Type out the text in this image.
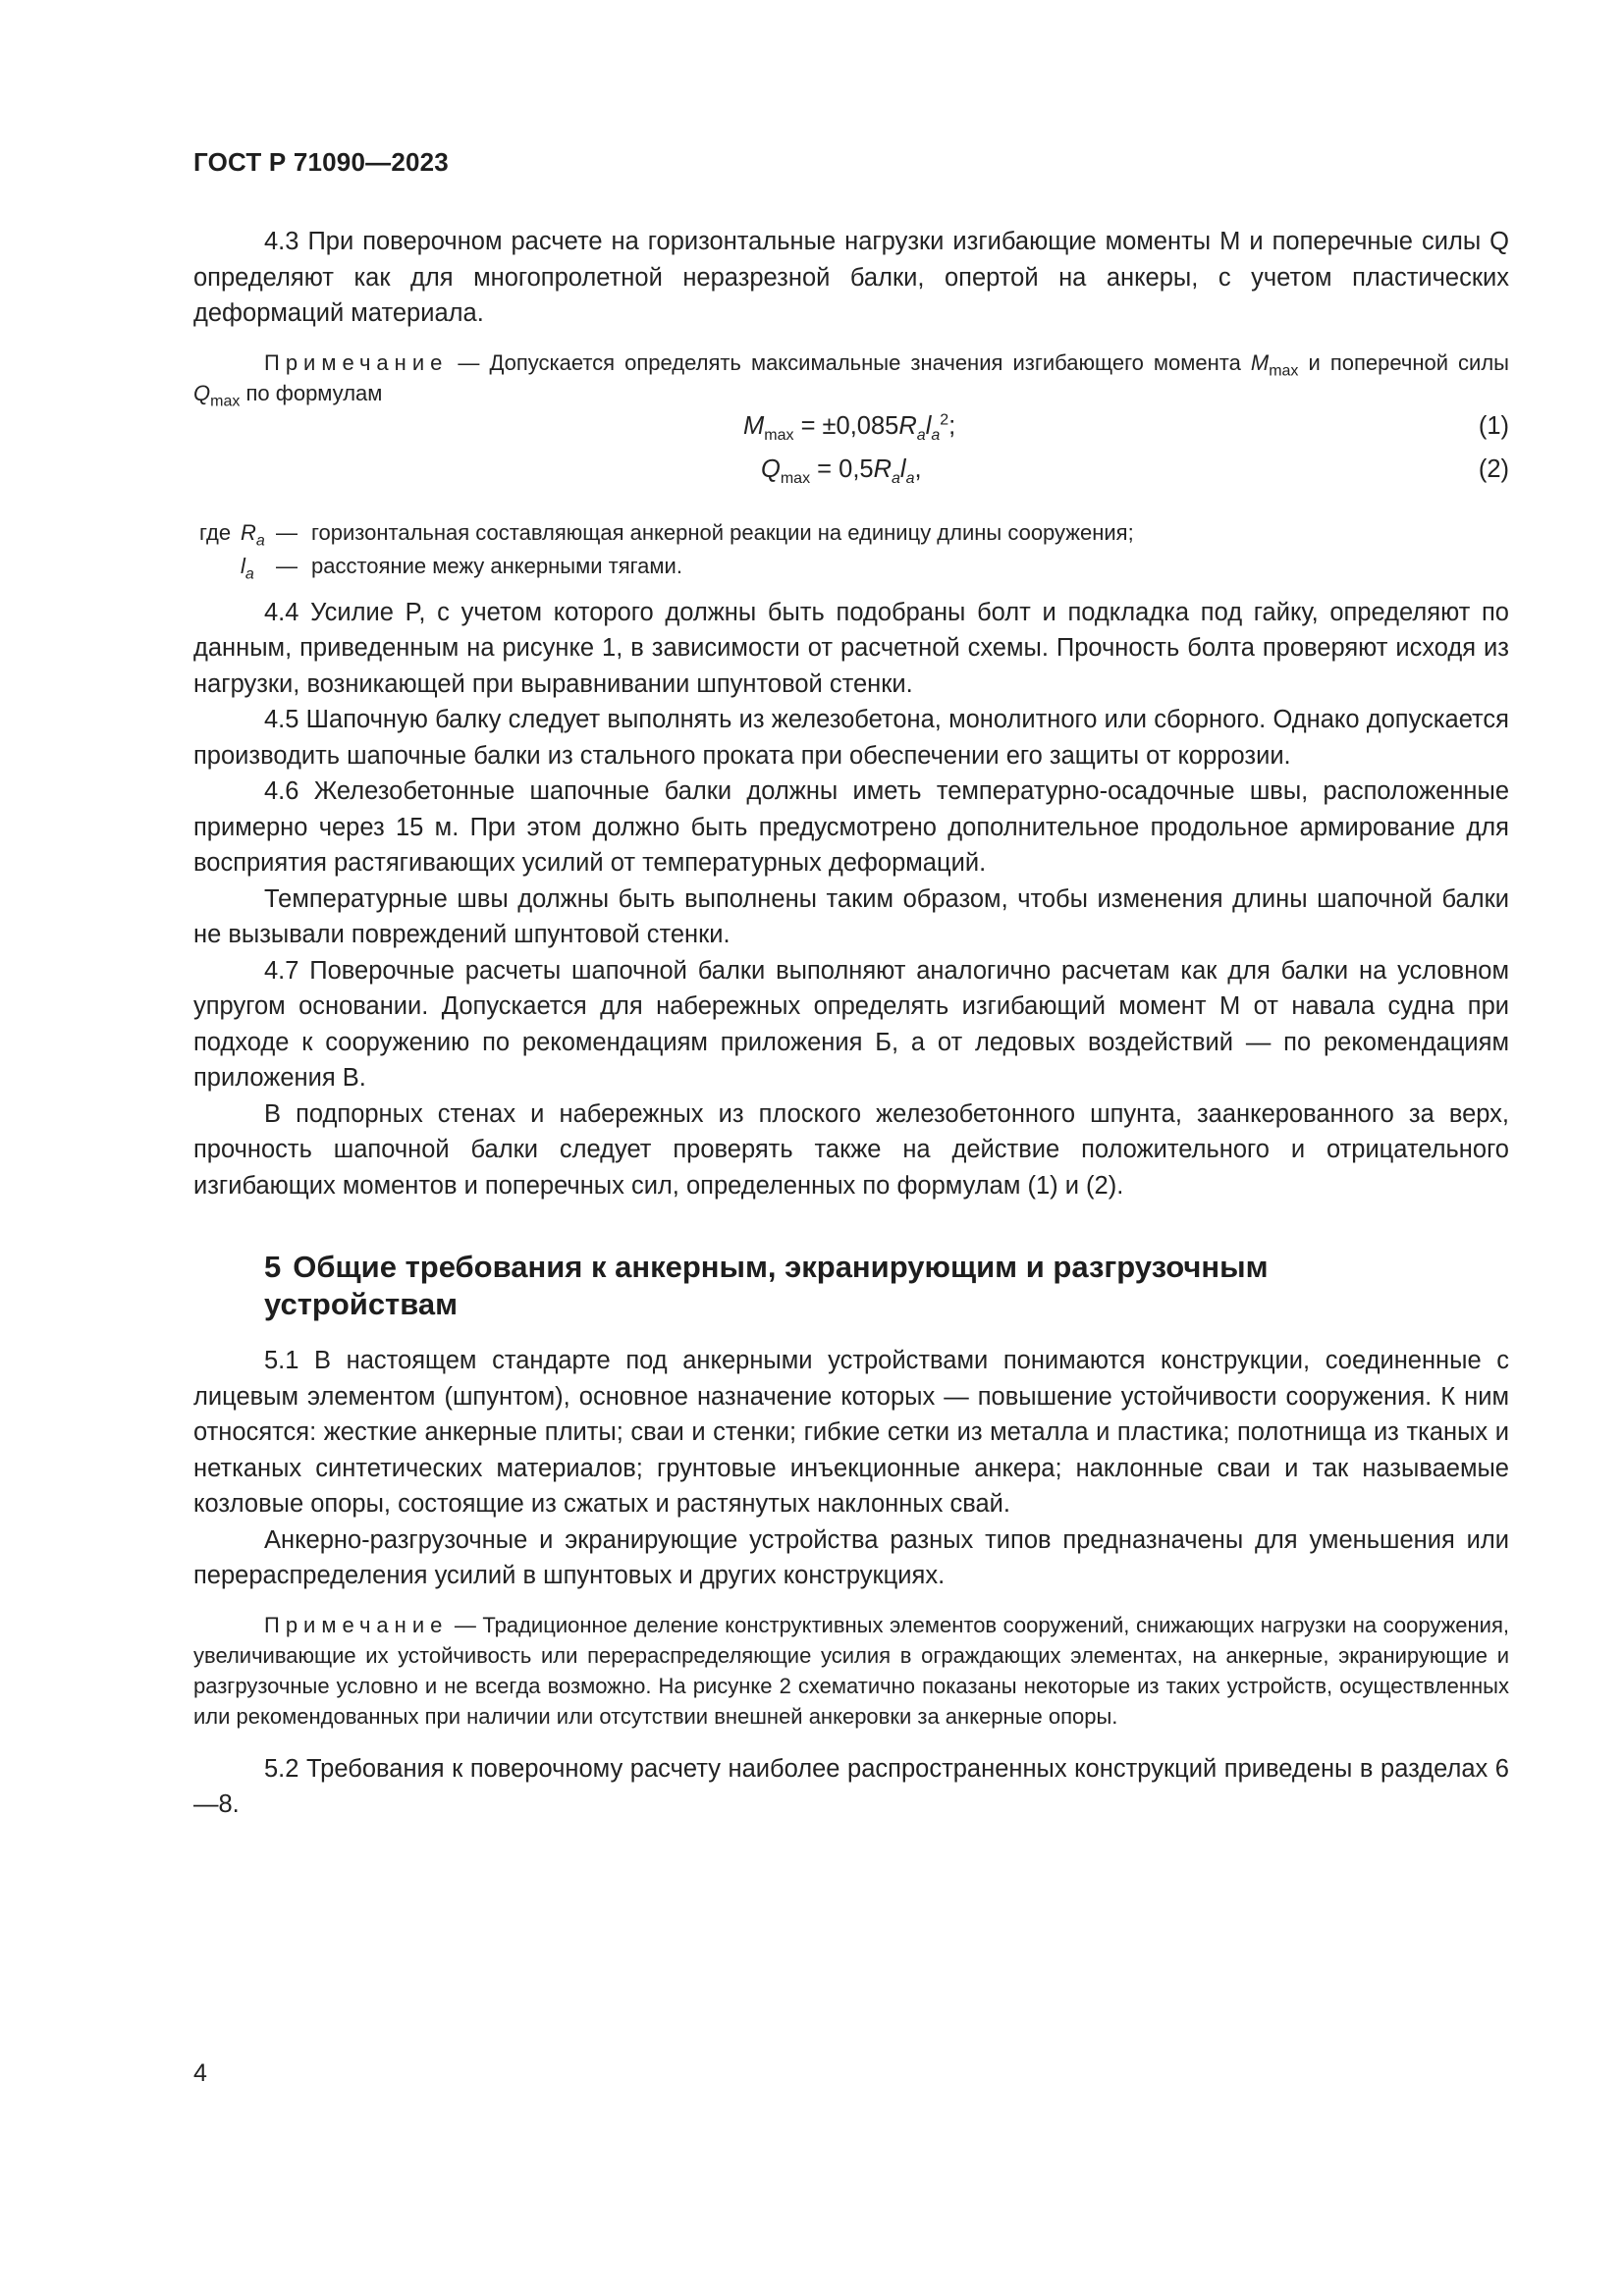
ГОСТ Р 71090—2023

4.3 При поверочном расчете на горизонтальные нагрузки изгибающие моменты M и поперечные силы Q определяют как для многопролетной неразрезной балки, опертой на анкеры, с учетом пластических деформаций материала.

Примечание — Допускается определять максимальные значения изгибающего момента $M_{max}$ и поперечной силы $Q_{max}$ по формулам

$M_{max} = \pm 0,085R_al_a^2$;	(1)
$Q_{max} = 0,5R_al_a$,	(2)
где $R_a$ — горизонтальная составляющая анкерной реакции на единицу длины сооружения;
$l_a$	— расстояние межу анкерными тягами.

4.4 Усилие P, с учетом которого должны быть подобраны болт и подкладка под гайку, определяют по данным, приведенным на рисунке 1, в зависимости от расчетной схемы. Прочность болта проверяют исходя из нагрузки, возникающей при выравнивании шпунтовой стенки.

4.5 Шапочную балку следует выполнять из железобетона, монолитного или сборного. Однако допускается производить шапочные балки из стального проката при обеспечении его защиты от коррозии.

4.6 Железобетонные шапочные балки должны иметь температурно-осадочные швы, расположенные примерно через 15 м. При этом должно быть предусмотрено дополнительное продольное армирование для восприятия растягивающих усилий от температурных деформаций.

Температурные швы должны быть выполнены таким образом, чтобы изменения длины шапочной балки не вызывали повреждений шпунтовой стенки.

4.7 Поверочные расчеты шапочной балки выполняют аналогично расчетам как для балки на условном упругом основании. Допускается для набережных определять изгибающий момент M от навала судна при подходе к сооружению по рекомендациям приложения Б, а от ледовых воздействий — по рекомендациям приложения В.

В подпорных стенах и набережных из плоского железобетонного шпунта, заанкерованного за верх, прочность шапочной балки следует проверять также на действие положительного и отрицательного изгибающих моментов и поперечных сил, определенных по формулам (1) и (2).

5 Общие требования к анкерным, экранирующим и разгрузочным устройствам

5.1 В настоящем стандарте под анкерными устройствами понимаются конструкции, соединенные с лицевым элементом (шпунтом), основное назначение которых — повышение устойчивости сооружения. К ним относятся: жесткие анкерные плиты; сваи и стенки; гибкие сетки из металла и пластика; полотнища из тканых и нетканых синтетических материалов; грунтовые инъекционные анкера; наклонные сваи и так называемые козловые опоры, состоящие из сжатых и растянутых наклонных свай.

Анкерно-разгрузочные и экранирующие устройства разных типов предназначены для уменьшения или перераспределения усилий в шпунтовых и других конструкциях.

Примечание — Традиционное деление конструктивных элементов сооружений, снижающих нагрузки на сооружения, увеличивающие их устойчивость или перераспределяющие усилия в ограждающих элементах, на анкерные, экранирующие и разгрузочные условно и не всегда возможно. На рисунке 2 схематично показаны некоторые из таких устройств, осуществленных или рекомендованных при наличии или отсутствии внешней анкеровки за анкерные опоры.

5.2 Требования к поверочному расчету наиболее распространенных конструкций приведены в разделах 6—8.

4
